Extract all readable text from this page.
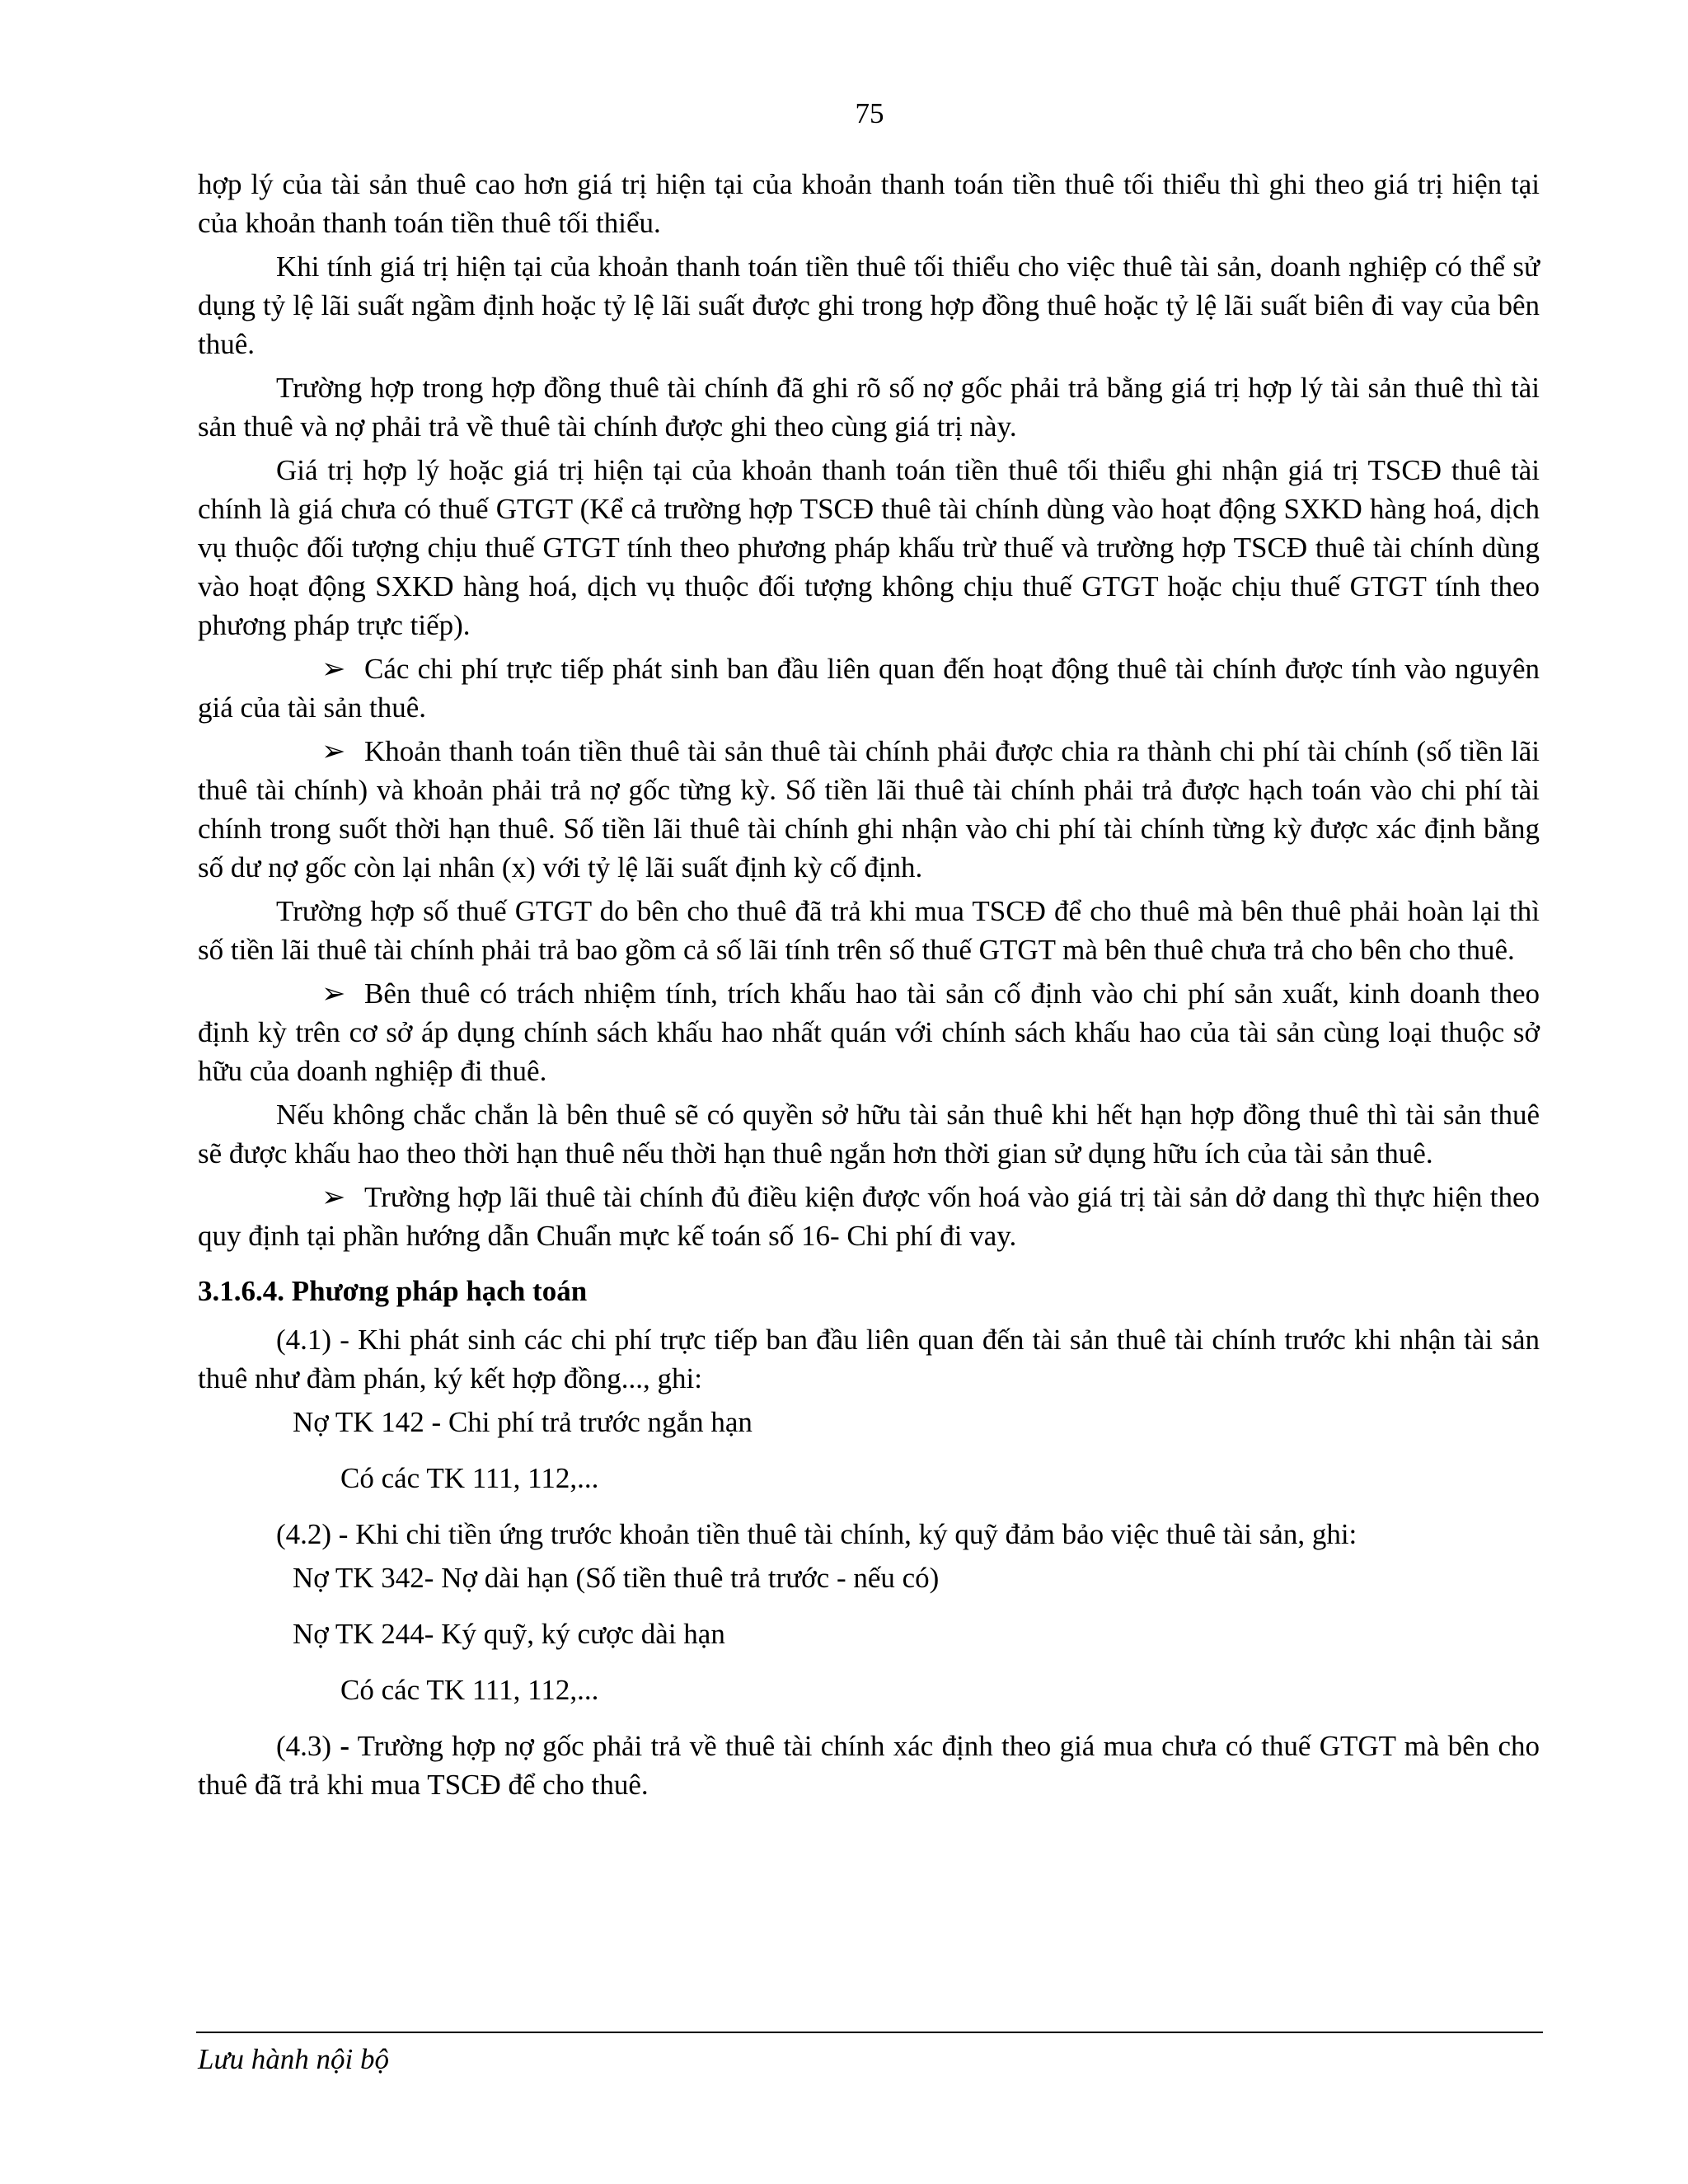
75

hợp lý của tài sản thuê cao hơn giá trị hiện tại của khoản thanh toán tiền thuê tối thiểu thì ghi theo giá trị hiện tại của khoản thanh toán tiền thuê tối thiểu.

Khi tính giá trị hiện tại của khoản thanh toán tiền thuê tối thiểu cho việc thuê tài sản, doanh nghiệp có thể sử dụng tỷ lệ lãi suất ngầm định hoặc tỷ lệ lãi suất được ghi trong hợp đồng thuê hoặc tỷ lệ lãi suất biên đi vay của bên thuê.

Trường hợp trong hợp đồng thuê tài chính đã ghi rõ số nợ gốc phải trả bằng giá trị hợp lý tài sản thuê thì tài sản thuê và nợ phải trả về thuê tài chính được ghi theo cùng giá trị này.

Giá trị hợp lý hoặc giá trị hiện tại của khoản thanh toán tiền thuê tối thiểu ghi nhận giá trị TSCĐ thuê tài chính là giá chưa có thuế GTGT (Kể cả trường hợp TSCĐ thuê tài chính dùng vào hoạt động SXKD hàng hoá, dịch vụ thuộc đối tượng chịu thuế GTGT tính theo phương pháp khấu trừ thuế và trường hợp TSCĐ thuê tài chính dùng vào hoạt động SXKD hàng hoá, dịch vụ thuộc đối tượng không chịu thuế GTGT hoặc chịu thuế GTGT tính theo phương pháp trực tiếp).

➢ Các chi phí trực tiếp phát sinh ban đầu liên quan đến hoạt động thuê tài chính được tính vào nguyên giá của tài sản thuê.

➢ Khoản thanh toán tiền thuê tài sản thuê tài chính phải được chia ra thành chi phí tài chính (số tiền lãi thuê tài chính) và khoản phải trả nợ gốc từng kỳ. Số tiền lãi thuê tài chính phải trả được hạch toán vào chi phí tài chính trong suốt thời hạn thuê. Số tiền lãi thuê tài chính ghi nhận vào chi phí tài chính từng kỳ được xác định bằng số dư nợ gốc còn lại nhân (x) với tỷ lệ lãi suất định kỳ cố định.

Trường hợp số thuế GTGT do bên cho thuê đã trả khi mua TSCĐ để cho thuê mà bên thuê phải hoàn lại thì số tiền lãi thuê tài chính phải trả bao gồm cả số lãi tính trên số thuế GTGT mà bên thuê chưa trả cho bên cho thuê.

➢ Bên thuê có trách nhiệm tính, trích khấu hao tài sản cố định vào chi phí sản xuất, kinh doanh theo định kỳ trên cơ sở áp dụng chính sách khấu hao nhất quán với chính sách khấu hao của tài sản cùng loại thuộc sở hữu của doanh nghiệp đi thuê.

Nếu không chắc chắn là bên thuê sẽ có quyền sở hữu tài sản thuê khi hết hạn hợp đồng thuê thì tài sản thuê sẽ được khấu hao theo thời hạn thuê nếu thời hạn thuê ngắn hơn thời gian sử dụng hữu ích của tài sản thuê.

➢ Trường hợp lãi thuê tài chính đủ điều kiện được vốn hoá vào giá trị tài sản dở dang thì thực hiện theo quy định tại phần hướng dẫn Chuẩn mực kế toán số 16- Chi phí đi vay.

3.1.6.4. Phương pháp hạch toán

(4.1) - Khi phát sinh các chi phí trực tiếp ban đầu liên quan đến tài sản thuê tài chính trước khi nhận tài sản thuê như đàm phán, ký kết hợp đồng..., ghi:

Nợ TK 142 - Chi phí trả trước ngắn hạn

Có các TK 111, 112,...

(4.2) - Khi chi tiền ứng trước khoản tiền thuê tài chính, ký quỹ đảm bảo việc thuê tài sản, ghi:

Nợ TK 342- Nợ dài hạn (Số tiền thuê trả trước - nếu có)

Nợ TK 244- Ký quỹ, ký cược dài hạn

Có các TK 111, 112,...

(4.3) - Trường hợp nợ gốc phải trả về thuê tài chính xác định theo giá mua chưa có thuế GTGT mà bên cho thuê đã trả khi mua TSCĐ để cho thuê.

Lưu hành nội bộ
